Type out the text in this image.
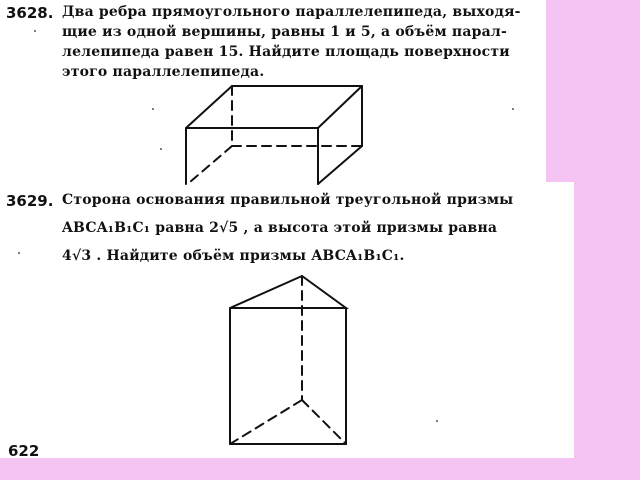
3628. Два ребра прямоугольного параллелепипеда, выходя-
щие из одной вершины, равны 1 и 5, а объём парал-
лелепипеда равен 15. Найдите площадь поверхности
этого параллелепипеда.
3629. Сторона основания правильной треугольной призмы
ABCA₁B₁C₁ равна 2√5 , а высота этой призмы равна
4√3 . Найдите объём призмы ABCA₁B₁C₁.
622
